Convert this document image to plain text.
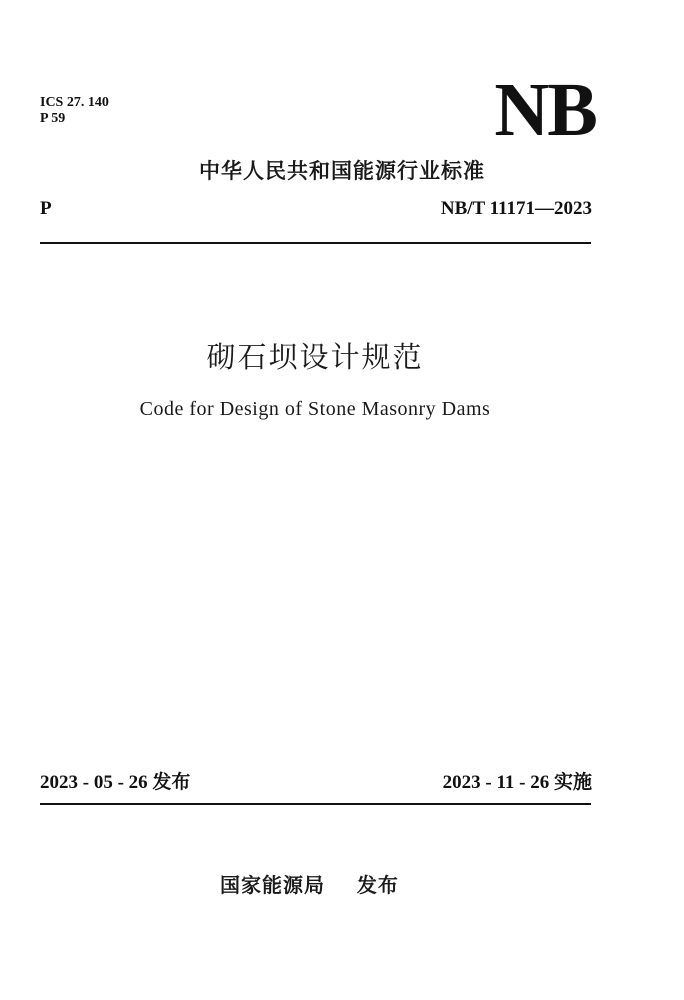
ICS 27. 140
P 59	NB
中华人民共和国能源行业标准
P	NB/T 11171—2023
砌石坝设计规范
Code for Design of Stone Masonry Dams
2023 - 05 - 26 发布	2023 - 11 - 26 实施
国家能源局    发布
